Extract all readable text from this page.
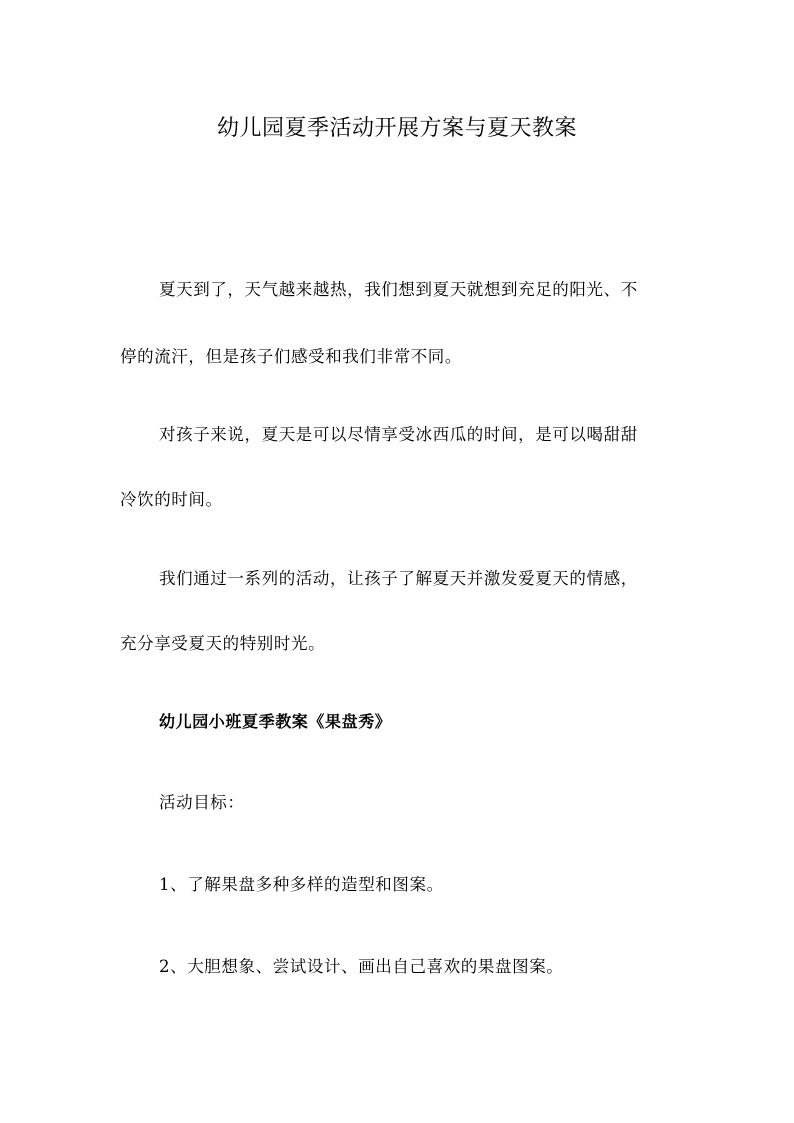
幼儿园夏季活动开展方案与夏天教案
夏天到了，天气越来越热，我们想到夏天就想到充足的阳光、不
停的流汗，但是孩子们感受和我们非常不同。
对孩子来说，夏天是可以尽情享受冰西瓜的时间，是可以喝甜甜
冷饮的时间。
我们通过一系列的活动，让孩子了解夏天并激发爱夏天的情感，
充分享受夏天的特别时光。
幼儿园小班夏季教案《果盘秀》
活动目标：
1、了解果盘多种多样的造型和图案。
2、大胆想象、尝试设计、画出自己喜欢的果盘图案。
